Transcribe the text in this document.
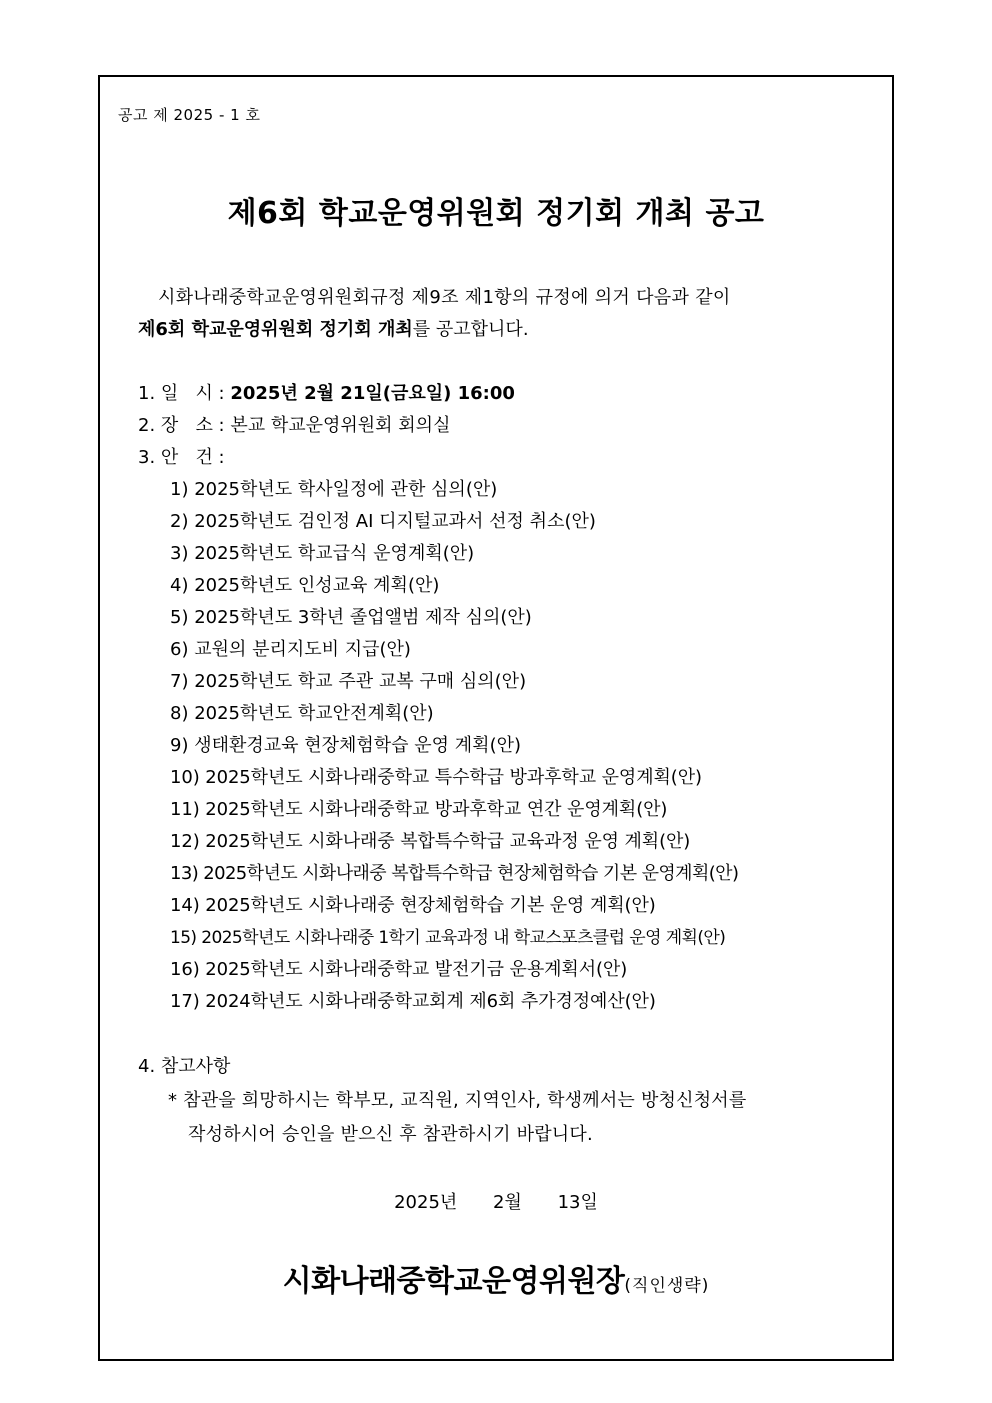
공고 제 2025 - 1 호
제6회 학교운영위원회 정기회 개최 공고
시화나래중학교운영위원회규정 제9조 제1항의 규정에 의거 다음과 같이
제6회 학교운영위원회 정기회 개최를 공고합니다.
1. 일   시 : 2025년 2월 21일(금요일) 16:00
2. 장   소 : 본교 학교운영위원회 회의실
3. 안   건 :
1) 2025학년도 학사일정에 관한 심의(안)
2) 2025학년도 검인정 AI 디지털교과서 선정 취소(안)
3) 2025학년도 학교급식 운영계획(안)
4) 2025학년도 인성교육 계획(안)
5) 2025학년도 3학년 졸업앨범 제작 심의(안)
6) 교원의 분리지도비 지급(안)
7) 2025학년도 학교 주관 교복 구매 심의(안)
8) 2025학년도 학교안전계획(안)
9) 생태환경교육 현장체험학습 운영 계획(안)
10) 2025학년도 시화나래중학교 특수학급 방과후학교 운영계획(안)
11) 2025학년도 시화나래중학교 방과후학교 연간 운영계획(안)
12) 2025학년도 시화나래중 복합특수학급 교육과정 운영 계획(안)
13) 2025학년도 시화나래중 복합특수학급 현장체험학습 기본 운영계획(안)
14) 2025학년도 시화나래중 현장체험학습 기본 운영 계획(안)
15) 2025학년도 시화나래중 1학기 교육과정 내 학교스포츠클럽 운영 계획(안)
16) 2025학년도 시화나래중학교 발전기금 운용계획서(안)
17) 2024학년도 시화나래중학교회계 제6회 추가경정예산(안)
4. 참고사항
* 참관을 희망하시는 학부모, 교직원, 지역인사, 학생께서는 방청신청서를
작성하시어 승인을 받으신 후 참관하시기 바랍니다.
2025년 2월 13일
시화나래중학교운영위원장(직인생략)
